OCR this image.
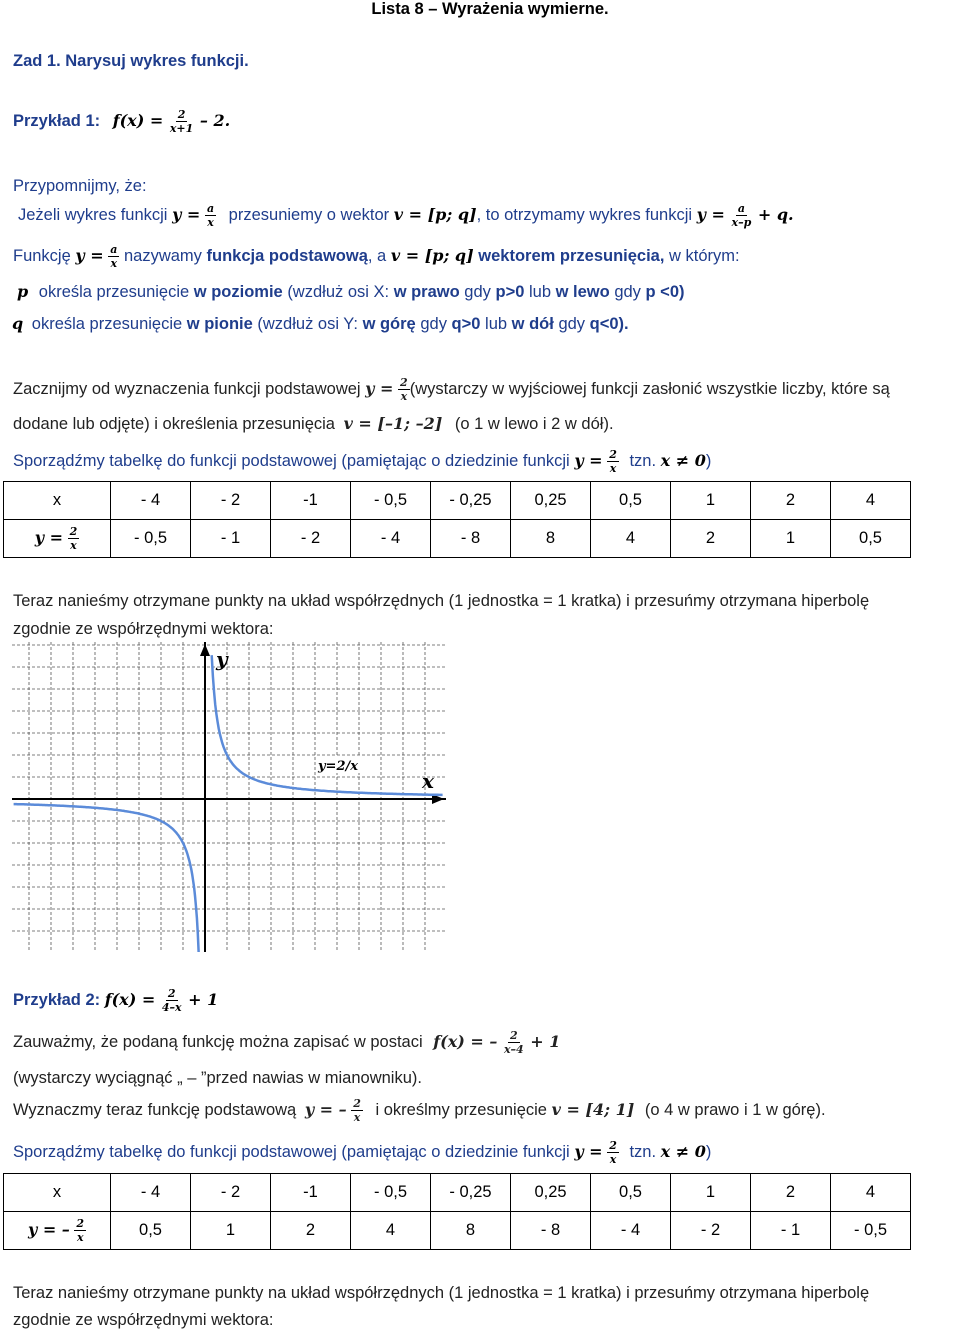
Lista 8 – Wyrażenia wymierne.
Zad 1. Narysuj wykres funkcji.
Przykład 1: $f(x) = \frac{2}{x+1} - 2$.
Przypomnijmy, że:
Jeżeli wykres funkcji $y = \frac{a}{x}$ przesuniemy o wektor v = [p; q], to otrzymamy wykres funkcji $y = \frac{a}{x-p} + q$.
Funkcję $y = \frac{a}{x}$ nazywamy funkcja podstawową, a v = [p; q] wektorem przesunięcia, w którym:
p określa przesunięcie w poziomie (wzdłuż osi X: w prawo gdy p>0 lub w lewo gdy p <0)
q określa przesunięcie w pionie (wzdłuż osi Y: w górę gdy q>0 lub w dół gdy q<0).
Zacznijmy od wyznaczenia funkcji podstawowej $y = \frac{2}{x}$ (wystarczy w wyjściowej funkcji zasłonić wszystkie liczby, które są
dodane lub odjęte) i określenia przesunięcia v = [–1; –2] (o 1 w lewo i 2 w dół).
Sporządźmy tabelkę do funkcji podstawowej (pamiętając o dziedzinie funkcji $y = \frac{2}{x}$ tzn. x ≠ 0)
x	- 4	- 2	-1	- 0,5	- 0,25	0,25	0,5	1	2	4
$y = \frac{2}{x}$	- 0,5	- 1	- 2	- 4	- 8	8	4	2	1	0,5
Teraz nanieśmy otrzymane punkty na układ współrzędnych (1 jednostka = 1 kratka) i przesuńmy otrzymana hiperbolę
zgodnie ze współrzędnymi wektora:
y
x
y=2/x
Przykład 2: $f(x) = \frac{2}{4-x} + 1$
Zauważmy, że podaną funkcję można zapisać w postaci f(x) = – $\frac{2}{x-4} + 1$
(wystarczy wyciągnąć „ – ”przed nawias w mianowniku).
Wyznaczmy teraz funkcję podstawową y = – $\frac{2}{x}$ i określmy przesunięcie v = [4; 1] (o 4 w prawo i 1 w górę).
Sporządźmy tabelkę do funkcji podstawowej (pamiętając o dziedzinie funkcji $y = \frac{2}{x}$ tzn. x ≠ 0)
x	- 4	- 2	-1	- 0,5	- 0,25	0,25	0,5	1	2	4
y = – $\frac{2}{x}$	0,5	1	2	4	8	- 8	- 4	- 2	- 1	- 0,5
Teraz nanieśmy otrzymane punkty na układ współrzędnych (1 jednostka = 1 kratka) i przesuńmy otrzymana hiperbolę
zgodnie ze współrzędnymi wektora:
